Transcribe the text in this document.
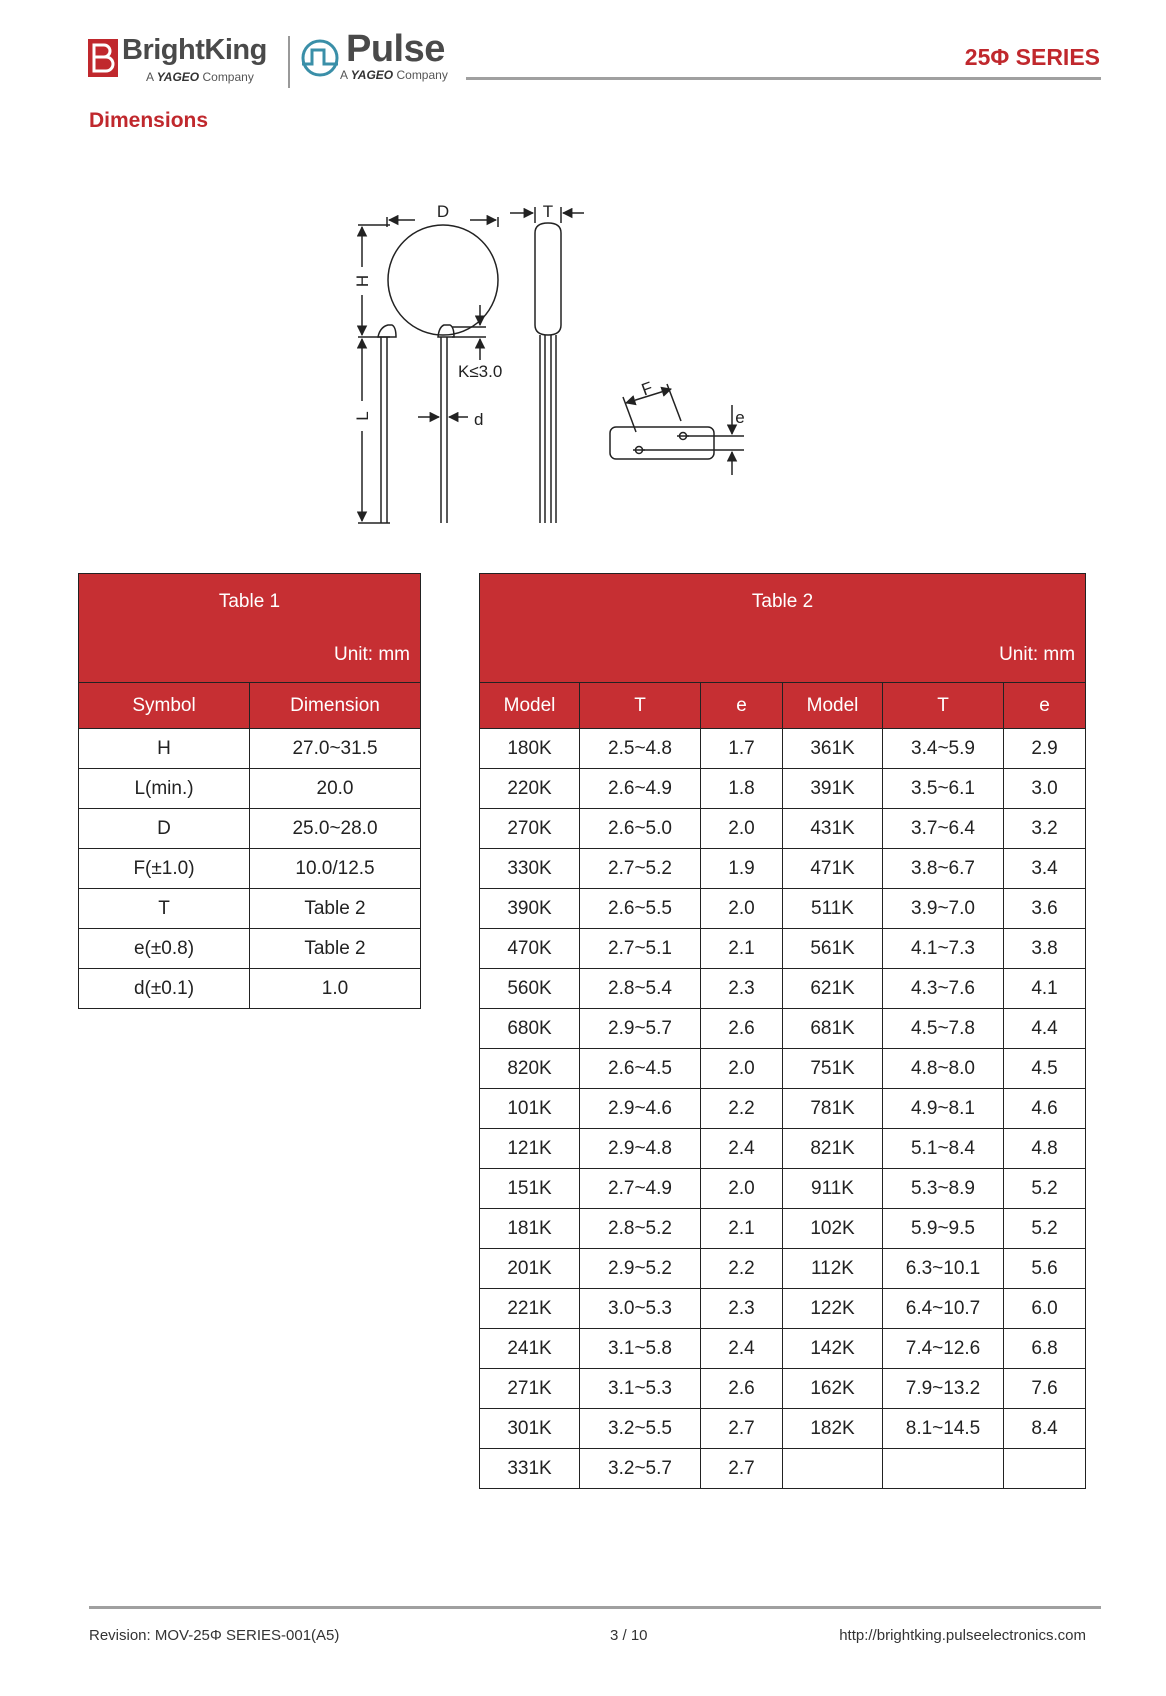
BrightKing
A YAGEO Company
Pulse
A YAGEO Company
25Φ SERIES
Dimensions
D	T
H
L
K≤3.0
d
F
e
Table 1
Unit: mm	

Symbol	Dimension
H	27.0~31.5
L(min.)	20.0
D	25.0~28.0
F(±1.0)	10.0/12.5
T	Table 2
e(±0.8)	Table 2
d(±0.1)	1.0
Table 2
Unit: mm					

Model	T	e	Model	T	e
180K	2.5~4.8	1.7	361K	3.4~5.9	2.9
220K	2.6~4.9	1.8	391K	3.5~6.1	3.0
270K	2.6~5.0	2.0	431K	3.7~6.4	3.2
330K	2.7~5.2	1.9	471K	3.8~6.7	3.4
390K	2.6~5.5	2.0	511K	3.9~7.0	3.6
470K	2.7~5.1	2.1	561K	4.1~7.3	3.8
560K	2.8~5.4	2.3	621K	4.3~7.6	4.1
680K	2.9~5.7	2.6	681K	4.5~7.8	4.4
820K	2.6~4.5	2.0	751K	4.8~8.0	4.5
101K	2.9~4.6	2.2	781K	4.9~8.1	4.6
121K	2.9~4.8	2.4	821K	5.1~8.4	4.8
151K	2.7~4.9	2.0	911K	5.3~8.9	5.2
181K	2.8~5.2	2.1	102K	5.9~9.5	5.2
201K	2.9~5.2	2.2	112K	6.3~10.1	5.6
221K	3.0~5.3	2.3	122K	6.4~10.7	6.0
241K	3.1~5.8	2.4	142K	7.4~12.6	6.8
271K	3.1~5.3	2.6	162K	7.9~13.2	7.6
301K	3.2~5.5	2.7	182K	8.1~14.5	8.4
331K	3.2~5.7	2.7			
Revision: MOV-25Φ SERIES-001(A5)	3 / 10	http://brightking.pulseelectronics.com
